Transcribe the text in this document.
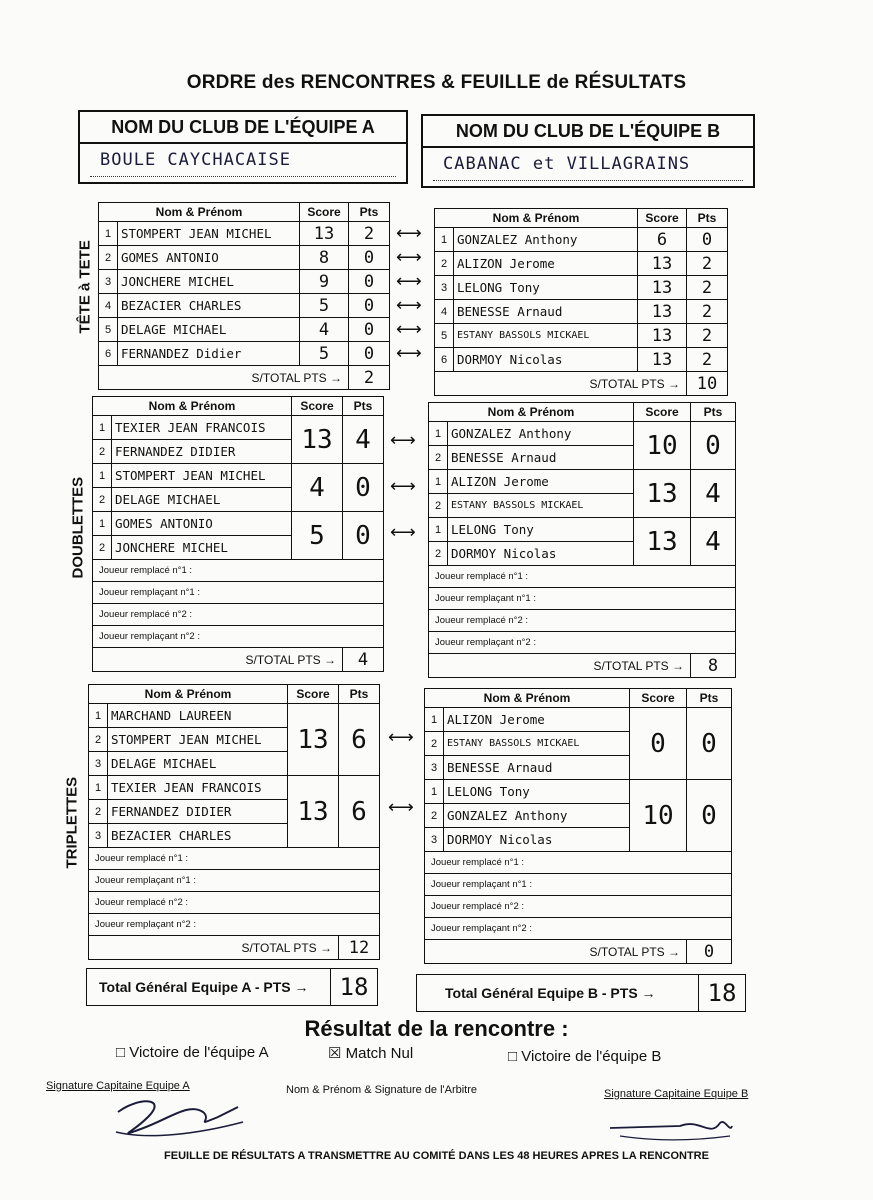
ORDRE des RENCONTRES & FEUILLE de RÉSULTATS
NOM DU CLUB DE L'ÉQUIPE A
BOULE CAYCHACAISE
NOM DU CLUB DE L'ÉQUIPE B
CABANAC et VILLAGRAINS
TÊTE à TETE
DOUBLETTES
TRIPLETTES
Nom & Prénom		Score	Pts
1	STOMPERT JEAN MICHEL	13	2
2	GOMES ANTONIO	8	0
3	JONCHERE MICHEL	9	0
4	BEZACIER CHARLES	5	0
5	DELAGE MICHAEL	4	0
6	FERNANDEZ Didier	5	0
S/TOTAL PTS →			2
⟷
⟷
⟷
⟷
⟷
⟷
Nom & Prénom		Score	Pts
1	GONZALEZ Anthony	6	0
2	ALIZON Jerome	13	2
3	LELONG Tony	13	2
4	BENESSE Arnaud	13	2
5	ESTANY BASSOLS MICKAEL	13	2
6	DORMOY Nicolas	13	2
S/TOTAL PTS →			10
Nom & Prénom		Score	Pts
1	TEXIER JEAN FRANCOIS	13	4
2	FERNANDEZ DIDIER		
1	STOMPERT JEAN MICHEL	4	0
2	DELAGE MICHAEL		
1	GOMES ANTONIO	5	0
2	JONCHERE MICHEL		
Joueur remplacé n°1 :			
Joueur remplaçant n°1 :			
Joueur remplacé n°2 :			
Joueur remplaçant n°2 :			
S/TOTAL PTS →			4
⟷
⟷
⟷
Nom & Prénom		Score	Pts
1	GONZALEZ Anthony	10	0
2	BENESSE Arnaud		
1	ALIZON Jerome	13	4
2	ESTANY BASSOLS MICKAEL		
1	LELONG Tony	13	4
2	DORMOY Nicolas		
Joueur remplacé n°1 :			
Joueur remplaçant n°1 :			
Joueur remplacé n°2 :			
Joueur remplaçant n°2 :			
S/TOTAL PTS →			8
Nom & Prénom		Score	Pts
1	MARCHAND LAUREEN	13	6
2	STOMPERT JEAN MICHEL		
3	DELAGE MICHAEL		
1	TEXIER JEAN FRANCOIS	13	6
2	FERNANDEZ DIDIER		
3	BEZACIER CHARLES		
Joueur remplacé n°1 :			
Joueur remplaçant n°1 :			
Joueur remplacé n°2 :			
Joueur remplaçant n°2 :			
S/TOTAL PTS →			12
⟷
⟷
Nom & Prénom		Score	Pts
1	ALIZON Jerome	0	0
2	ESTANY BASSOLS MICKAEL		
3	BENESSE Arnaud		
1	LELONG Tony	10	0
2	GONZALEZ Anthony		
3	DORMOY Nicolas		
Joueur remplacé n°1 :			
Joueur remplaçant n°1 :			
Joueur remplacé n°2 :			
Joueur remplaçant n°2 :			
S/TOTAL PTS →			0
Total Général Equipe A - PTS →	18	Total Général Equipe B - PTS →	18
Résultat de la rencontre :
□ Victoire de l'équipe A	☒ Match Nul	□ Victoire de l'équipe B
Signature Capitaine Equipe A	Nom & Prénom & Signature de l'Arbitre	Signature Capitaine Equipe B
FEUILLE DE RÉSULTATS A TRANSMETTRE AU COMITÉ DANS LES 48 HEURES APRES LA RENCONTRE
